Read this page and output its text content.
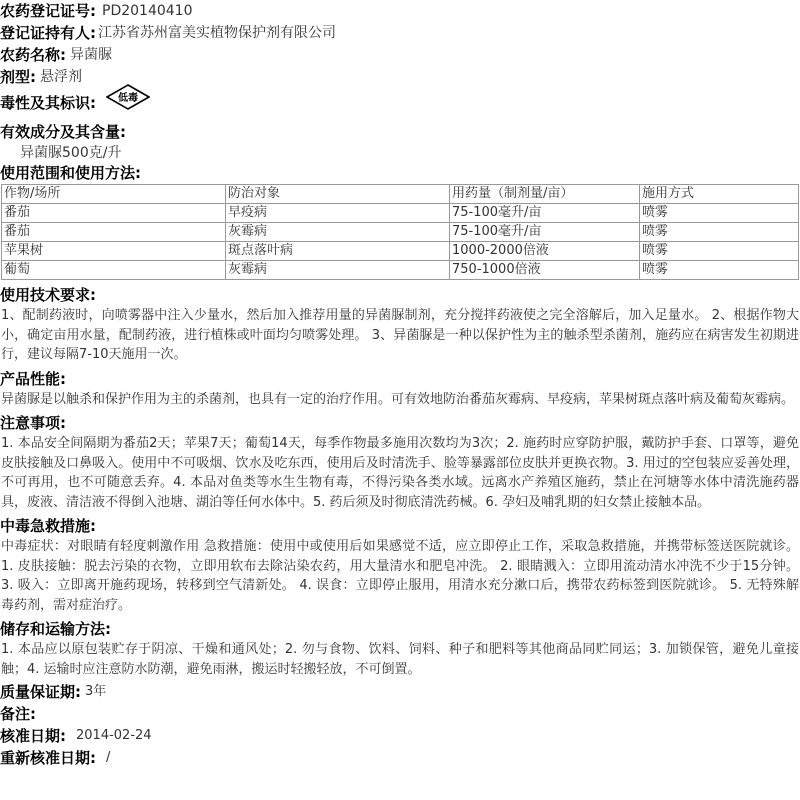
农药登记证号: PD20140410
登记证持有人: 江苏省苏州富美实植物保护剂有限公司
农药名称: 异菌脲
剂型: 悬浮剂
毒性及其标识: 低毒
有效成分及其含量:
异菌脲500克/升
使用范围和使用方法:
作物/场所	防治对象	用药量（制剂量/亩）	施用方式
番茄	早疫病	75-100毫升/亩	喷雾
番茄	灰霉病	75-100毫升/亩	喷雾
苹果树	斑点落叶病	1000-2000倍液	喷雾
葡萄	灰霉病	750-1000倍液	喷雾
使用技术要求:

1、配制药液时，向喷雾器中注入少量水，然后加入推荐用量的异菌脲制剂，充分搅拌药液使之完全溶解后，加入足量水。 2、根据作物大小，确定亩用水量，配制药液，进行植株或叶面均匀喷雾处理。 3、异菌脲是一种以保护性为主的触杀型杀菌剂，施药应在病害发生初期进行，建议每隔7-10天施用一次。

产品性能:

异菌脲是以触杀和保护作用为主的杀菌剂，也具有一定的治疗作用。可有效地防治番茄灰霉病、早疫病，苹果树斑点落叶病及葡萄灰霉病。

注意事项:

1. 本品安全间隔期为番茄2天；苹果7天；葡萄14天，每季作物最多施用次数均为3次；2. 施药时应穿防护服，戴防护手套、口罩等，避免皮肤接触及口鼻吸入。使用中不可吸烟、饮水及吃东西，使用后及时清洗手、脸等暴露部位皮肤并更换衣物。3. 用过的空包装应妥善处理，不可再用，也不可随意丢弃。4. 本品对鱼类等水生生物有毒，不得污染各类水域。远离水产养殖区施药，禁止在河塘等水体中清洗施药器具，废液、清洁液不得倒入池塘、湖泊等任何水体中。5. 药后须及时彻底清洗药械。6. 孕妇及哺乳期的妇女禁止接触本品。

中毒急救措施:

中毒症状：对眼睛有轻度刺激作用 急救措施：使用中或使用后如果感觉不适，应立即停止工作，采取急救措施，并携带标签送医院就诊。 1. 皮肤接触：脱去污染的衣物，立即用软布去除沾染农药，用大量清水和肥皂冲洗。 2. 眼睛溅入：立即用流动清水冲洗不少于15分钟。 3. 吸入：立即离开施药现场，转移到空气清新处。 4. 误食：立即停止服用，用清水充分漱口后，携带农药标签到医院就诊。 5. 无特殊解毒药剂，需对症治疗。

储存和运输方法:

1. 本品应以原包装贮存于阴凉、干燥和通风处；2. 勿与食物、饮料、饲料、种子和肥料等其他商品同贮同运；3. 加锁保管，避免儿童接触；4. 运输时应注意防水防潮，避免雨淋，搬运时轻搬轻放，不可倒置。

质量保证期: 3年
备注:
核准日期: 2014-02-24
重新核准日期: /
